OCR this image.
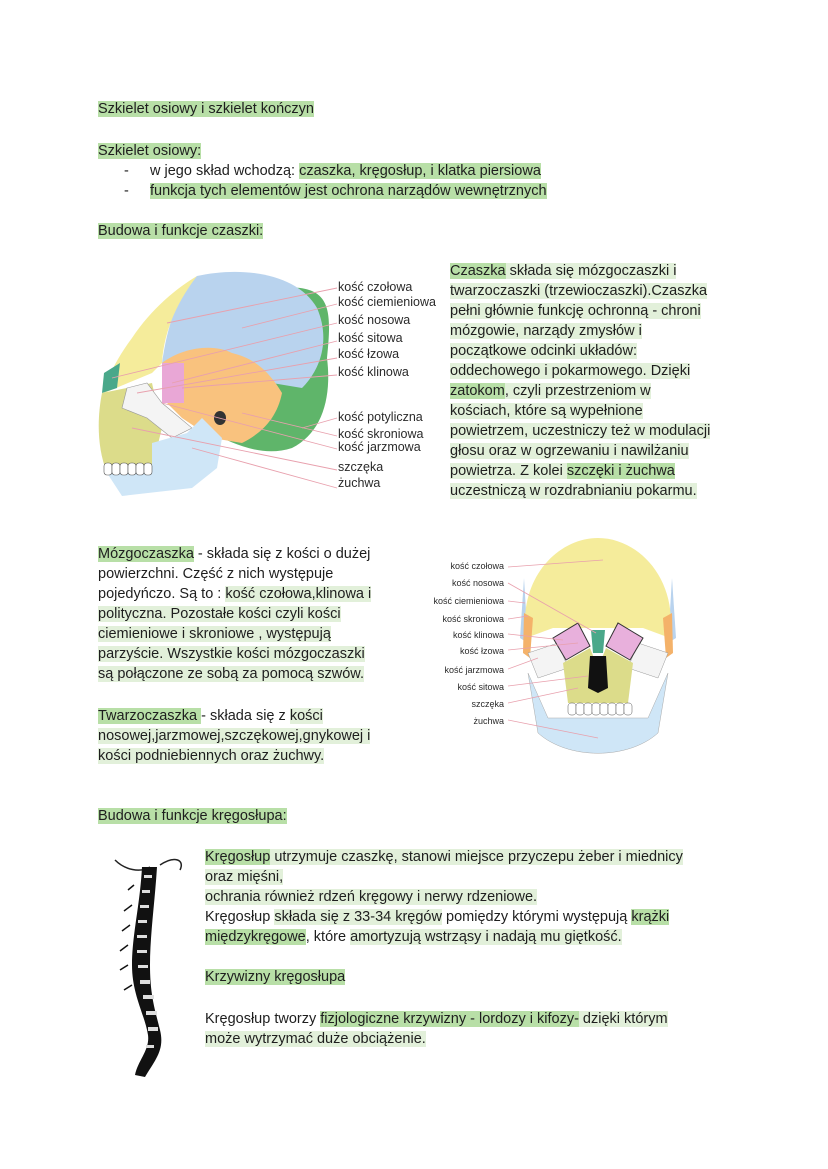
Szkielet osiowy i szkielet kończyn
Szkielet osiowy:
- w jego skład wchodzą: czaszka, kręgosłup, i klatka piersiowa
- funkcja tych elementów jest ochrona narządów wewnętrznych
Budowa i funkcje czaszki:
kość czołowa
kość ciemieniowa
kość nosowa
kość sitowa
kość łzowa
kość klinowa
kość potyliczna
kość skroniowa
kość jarzmowa
szczęka
żuchwa
Czaszka składa się mózgoczaszki i
twarzoczaszki (trzewioczaszki).Czaszka
pełni głównie funkcję ochronną - chroni
mózgowie, narządy zmysłów i
początkowe odcinki układów:
oddechowego i pokarmowego. Dzięki
zatokom, czyli przestrzeniom w
kościach, które są wypełnione
powietrzem, uczestniczy też w modulacji
głosu oraz w ogrzewaniu i nawilżaniu
powietrza. Z kolei szczęki i żuchwa
uczestniczą w rozdrabnianiu pokarmu.
Mózgoczaszka - składa się z kości o dużej
powierzchni. Część z nich występuje
pojedyńczo. Są to : kość czołowa,klinowa i
polityczna. Pozostałe kości czyli kości
ciemieniowe i skroniowe , występują
parzyście. Wszystkie kości mózgoczaszki
są połączone ze sobą za pomocą szwów.
Twarzoczaszka - składa się z kości
nosowej,jarzmowej,szczękowej,gnykowej i
kości podniebiennych oraz żuchwy.
kość czołowa
kość nosowa
kość ciemieniowa
kość skroniowa
kość klinowa
kość łzowa
kość jarzmowa
kość sitowa
szczęka
żuchwa
Budowa i funkcje kręgosłupa:
Kręgosłup utrzymuje czaszkę, stanowi miejsce przyczepu żeber i miednicy
oraz mięśni,
ochrania również rdzeń kręgowy i nerwy rdzeniowe.
Kręgosłup składa się z 33-34 kręgów pomiędzy którymi występują krążki
międzykręgowe, które amortyzują wstrząsy i nadają mu giętkość.
Krzywizny kręgosłupa
Kręgosłup tworzy fizjologiczne krzywizny - lordozy i kifozy- dzięki którym
może wytrzymać duże obciążenie.
